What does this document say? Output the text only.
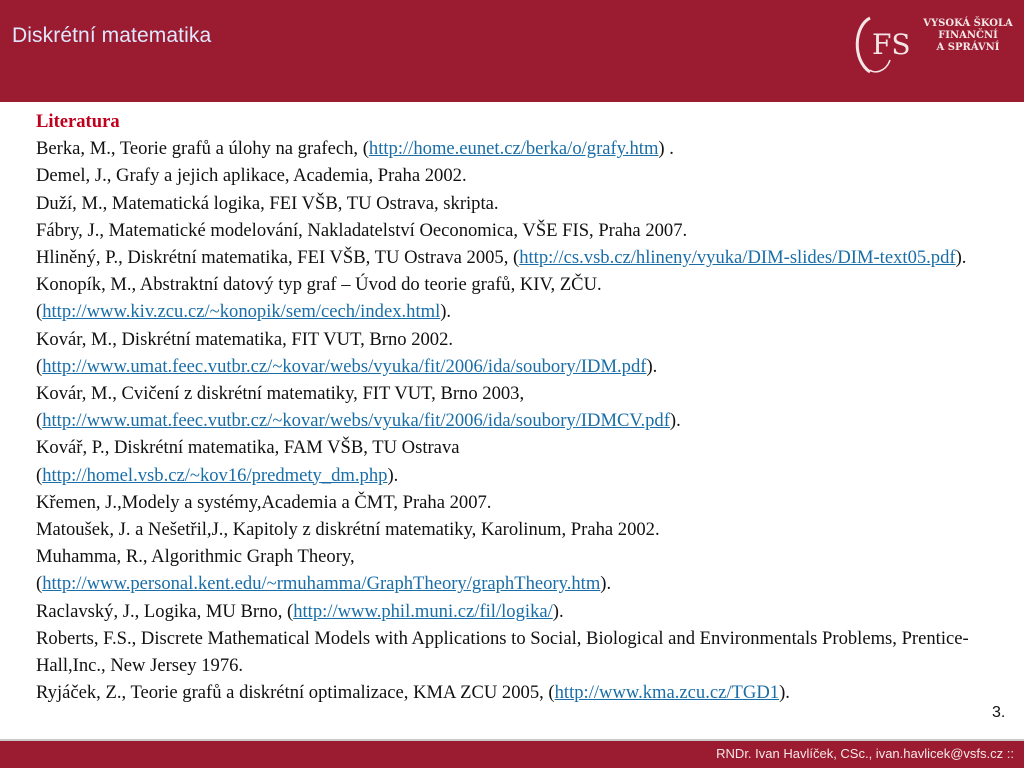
Diskrétní matematika	FS
VYSOKÁ ŠKOLA
FINANČNÍ
A SPRÁVNÍ
Literatura
Berka, M., Teorie grafů a úlohy na grafech, (http://home.eunet.cz/berka/o/grafy.htm) .
Demel, J., Grafy a jejich aplikace, Academia, Praha 2002.
Duží, M., Matematická logika, FEI VŠB, TU Ostrava, skripta.
Fábry, J., Matematické modelování, Nakladatelství Oeconomica, VŠE FIS, Praha 2007.
Hliněný, P., Diskrétní matematika, FEI VŠB, TU Ostrava 2005, (http://cs.vsb.cz/hlineny/vyuka/DIM-slides/DIM-text05.pdf).
Konopík, M., Abstraktní datový typ graf – Úvod do teorie grafů, KIV, ZČU.
(http://www.kiv.zcu.cz/~konopik/sem/cech/index.html).
Kovár, M., Diskrétní matematika, FIT VUT, Brno 2002.
(http://www.umat.feec.vutbr.cz/~kovar/webs/vyuka/fit/2006/ida/soubory/IDM.pdf).
Kovár, M., Cvičení z diskrétní matematiky, FIT VUT, Brno 2003,
(http://www.umat.feec.vutbr.cz/~kovar/webs/vyuka/fit/2006/ida/soubory/IDMCV.pdf).
Kovář, P., Diskrétní matematika, FAM VŠB, TU Ostrava
(http://homel.vsb.cz/~kov16/predmety_dm.php).
Křemen, J.,Modely a systémy,Academia a ČMT, Praha 2007.
Matoušek, J. a Nešetřil,J., Kapitoly z diskrétní matematiky, Karolinum, Praha 2002.
Muhamma, R., Algorithmic Graph Theory,
(http://www.personal.kent.edu/~rmuhamma/GraphTheory/graphTheory.htm).
Raclavský, J., Logika, MU Brno, (http://www.phil.muni.cz/fil/logika/).
Roberts, F.S., Discrete Mathematical Models with Applications to Social, Biological and Environmentals Problems, Prentice-Hall,Inc., New Jersey 1976.
Ryjáček, Z., Teorie grafů a diskrétní optimalizace, KMA ZCU 2005, (http://www.kma.zcu.cz/TGD1).
3.
RNDr. Ivan Havlíček, CSc., ivan.havlicek@vsfs.cz ::
